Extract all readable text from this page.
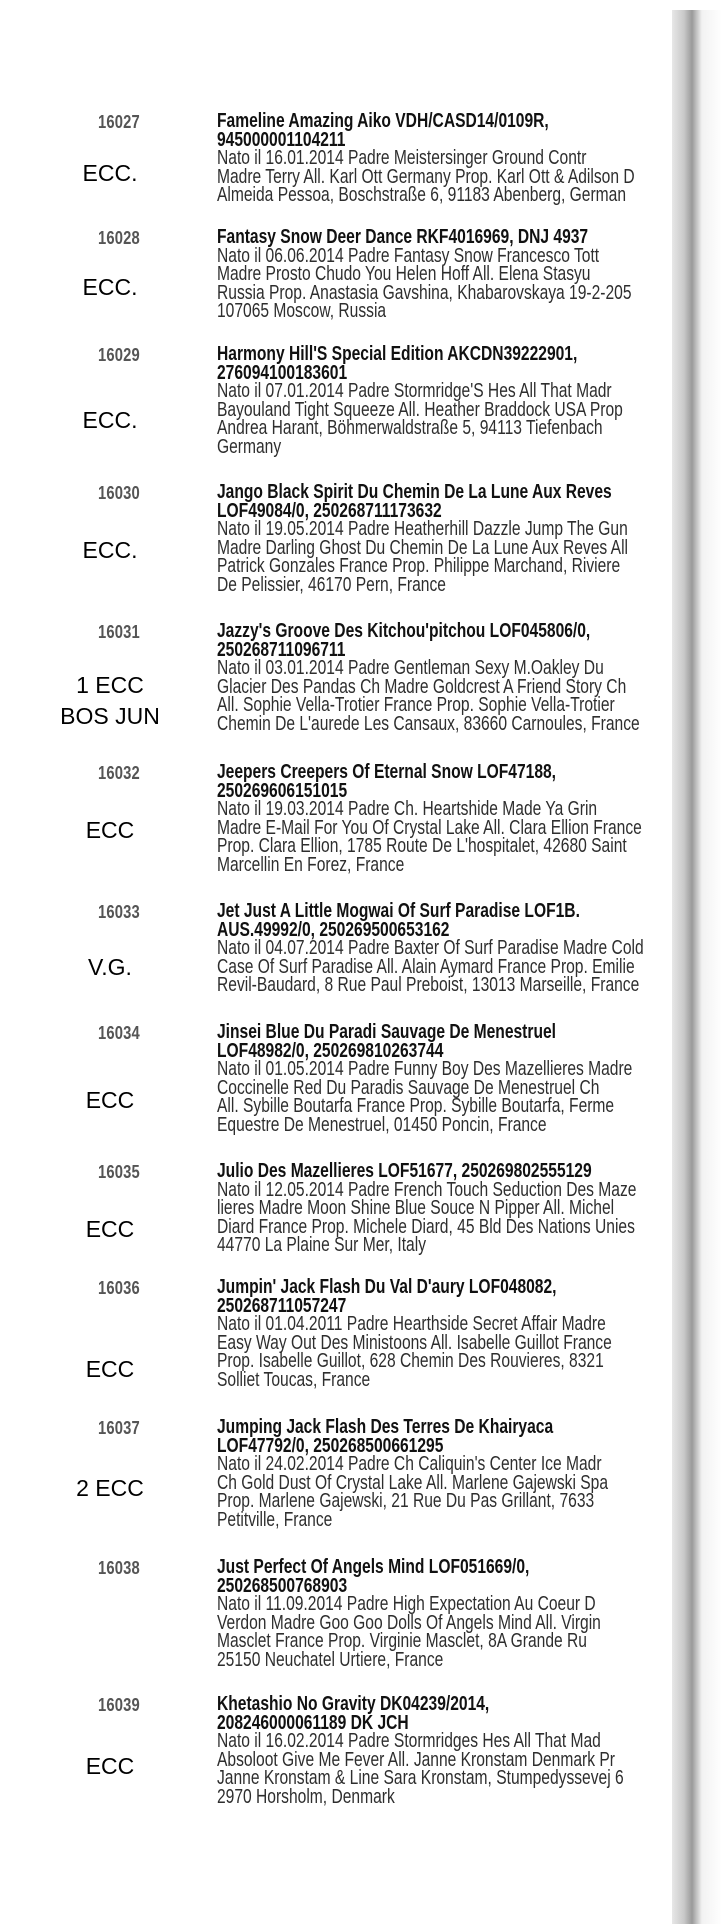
16027
ECC.
Fameline Amazing Aiko VDH/CASD14/0109R,
945000001104211
Nato il 16.01.2014 Padre Meistersinger Ground Contr
Madre Terry All. Karl Ott Germany Prop. Karl Ott & Adilson D
Almeida Pessoa, Boschstraße 6, 91183 Abenberg, German
16028
ECC.
Fantasy Snow Deer Dance RKF4016969, DNJ 4937
Nato il 06.06.2014 Padre Fantasy Snow Francesco Tott
Madre Prosto Chudo You Helen Hoff All. Elena Stasyu
Russia Prop. Anastasia Gavshina, Khabarovskaya 19-2-205
107065 Moscow, Russia
16029
ECC.
Harmony Hill'S Special Edition AKCDN39222901,
276094100183601
Nato il 07.01.2014 Padre Stormridge'S Hes All That Madr
Bayouland Tight Squeeze All. Heather Braddock USA Prop
Andrea Harant, Böhmerwaldstraße 5, 94113 Tiefenbach
Germany
16030
ECC.
Jango Black Spirit Du Chemin De La Lune Aux Reves
LOF49084/0, 250268711173632
Nato il 19.05.2014 Padre Heatherhill Dazzle Jump The Gun
Madre Darling Ghost Du Chemin De La Lune Aux Reves All
Patrick Gonzales France Prop. Philippe Marchand, Riviere
De Pelissier, 46170 Pern, France
16031
1 ECC
BOS JUN
Jazzy's Groove Des Kitchou'pitchou LOF045806/0,
250268711096711
Nato il 03.01.2014 Padre Gentleman Sexy M.Oakley Du
Glacier Des Pandas Ch Madre Goldcrest A Friend Story Ch
All. Sophie Vella-Trotier France Prop. Sophie Vella-Trotier
Chemin De L'aurede Les Cansaux, 83660 Carnoules, France
16032
ECC
Jeepers Creepers Of Eternal Snow LOF47188,
250269606151015
Nato il 19.03.2014 Padre Ch. Heartshide Made Ya Grin
Madre E-Mail For You Of Crystal Lake All. Clara Ellion France
Prop. Clara Ellion, 1785 Route De L'hospitalet, 42680 Saint
Marcellin En Forez, France
16033
V.G.
Jet Just A Little Mogwai Of Surf Paradise LOF1B.
AUS.49992/0, 250269500653162
Nato il 04.07.2014 Padre Baxter Of Surf Paradise Madre Cold
Case Of Surf Paradise All. Alain Aymard France Prop. Emilie
Revil-Baudard, 8 Rue Paul Preboist, 13013 Marseille, France
16034
ECC
Jinsei Blue Du Paradi Sauvage De Menestruel
LOF48982/0, 250269810263744
Nato il 01.05.2014 Padre Funny Boy Des Mazellieres Madre
Coccinelle Red Du Paradis Sauvage De Menestruel Ch
All. Sybille Boutarfa France Prop. Sybille Boutarfa, Ferme
Equestre De Menestruel, 01450 Poncin, France
16035
ECC
Julio Des Mazellieres LOF51677, 250269802555129
Nato il 12.05.2014 Padre French Touch Seduction Des Maze
lieres Madre Moon Shine Blue Souce N Pipper All. Michel
Diard France Prop. Michele Diard, 45 Bld Des Nations Unies
44770 La Plaine Sur Mer, Italy
16036
ECC
Jumpin' Jack Flash Du Val D'aury LOF048082,
250268711057247
Nato il 01.04.2011 Padre Hearthside Secret Affair Madre
Easy Way Out Des Ministoons All. Isabelle Guillot France
Prop. Isabelle Guillot, 628 Chemin Des Rouvieres, 8321
Solliet Toucas, France
16037
2 ECC
Jumping Jack Flash Des Terres De Khairyaca
LOF47792/0, 250268500661295
Nato il 24.02.2014 Padre Ch Caliquin's Center Ice Madr
Ch Gold Dust Of Crystal Lake All. Marlene Gajewski Spa
Prop. Marlene Gajewski, 21 Rue Du Pas Grillant, 7633
Petitville, France
16038	Just Perfect Of Angels Mind LOF051669/0,
250268500768903
Nato il 11.09.2014 Padre High Expectation Au Coeur D
Verdon Madre Goo Goo Dolls Of Angels Mind All. Virgin
Masclet France Prop. Virginie Masclet, 8A Grande Ru
25150 Neuchatel Urtiere, France
16039
ECC
Khetashio No Gravity DK04239/2014,
208246000061189 DK JCH
Nato il 16.02.2014 Padre Stormridges Hes All That Mad
Absoloot Give Me Fever All. Janne Kronstam Denmark Pr
Janne Kronstam & Line Sara Kronstam, Stumpedyssevej 6
2970 Horsholm, Denmark
